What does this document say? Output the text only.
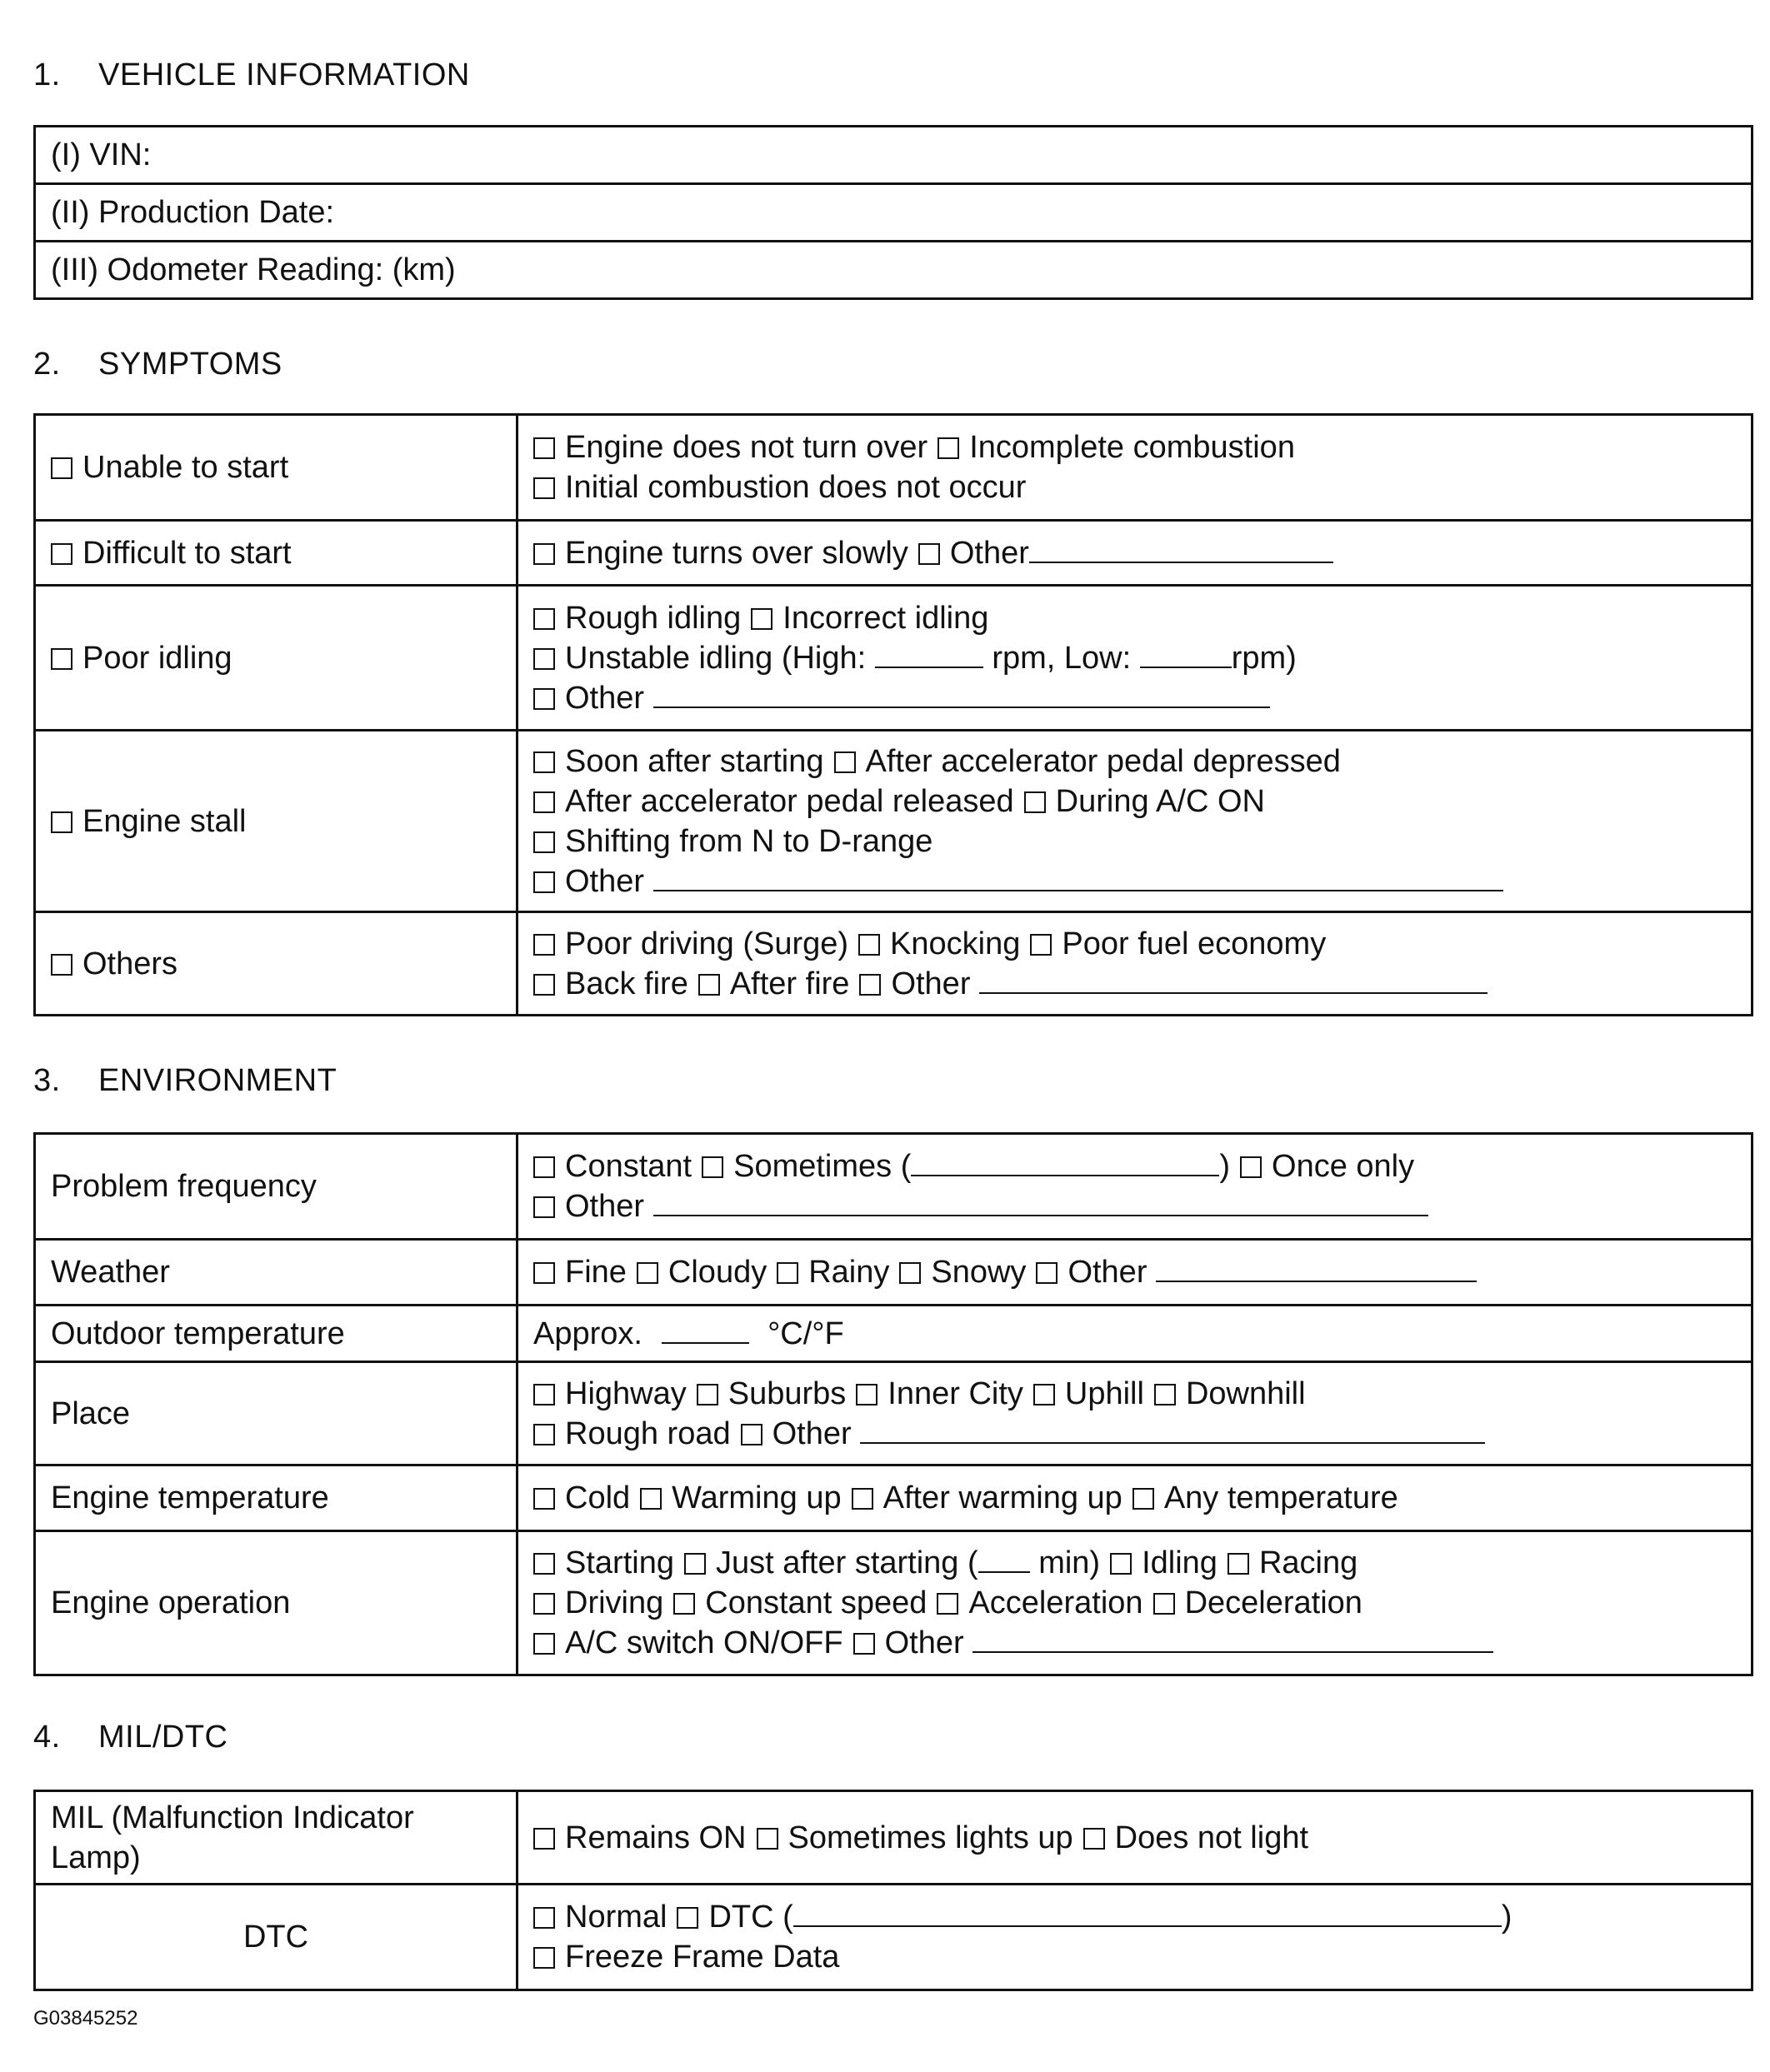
1. VEHICLE INFORMATION
(I) VIN:
(II) Production Date:
(III) Odometer Reading: (km)
2. SYMPTOMS
Unable to start	Engine does not turn over Incomplete combustion
Initial combustion does not occur

Difficult to start	Engine turns over slowly Other

Poor idling	Rough idling Incorrect idling
Unstable idling (High: rpm, Low: rpm)
Other

Engine stall	Soon after starting After accelerator pedal depressed
After accelerator pedal released During A/C ON
Shifting from N to D-range
Other

Others	Poor driving (Surge) Knocking Poor fuel economy
Back fire After fire Other
3. ENVIRONMENT
Problem frequency	Constant Sometimes ( ) Once only
Other

Weather	Fine Cloudy Rainy Snowy Other

Outdoor temperature	Approx. °C/°F

Place	Highway Suburbs Inner City Uphill Downhill
Rough road Other

Engine temperature	Cold Warming up After warming up Any temperature

Engine operation	Starting Just after starting ( min) Idling Racing
Driving Constant speed Acceleration Deceleration
A/C switch ON/OFF Other
4. MIL/DTC
MIL (Malfunction Indicator Lamp)	Remains ON Sometimes lights up Does not light

DTC	Normal DTC ( )
Freeze Frame Data
G03845252
